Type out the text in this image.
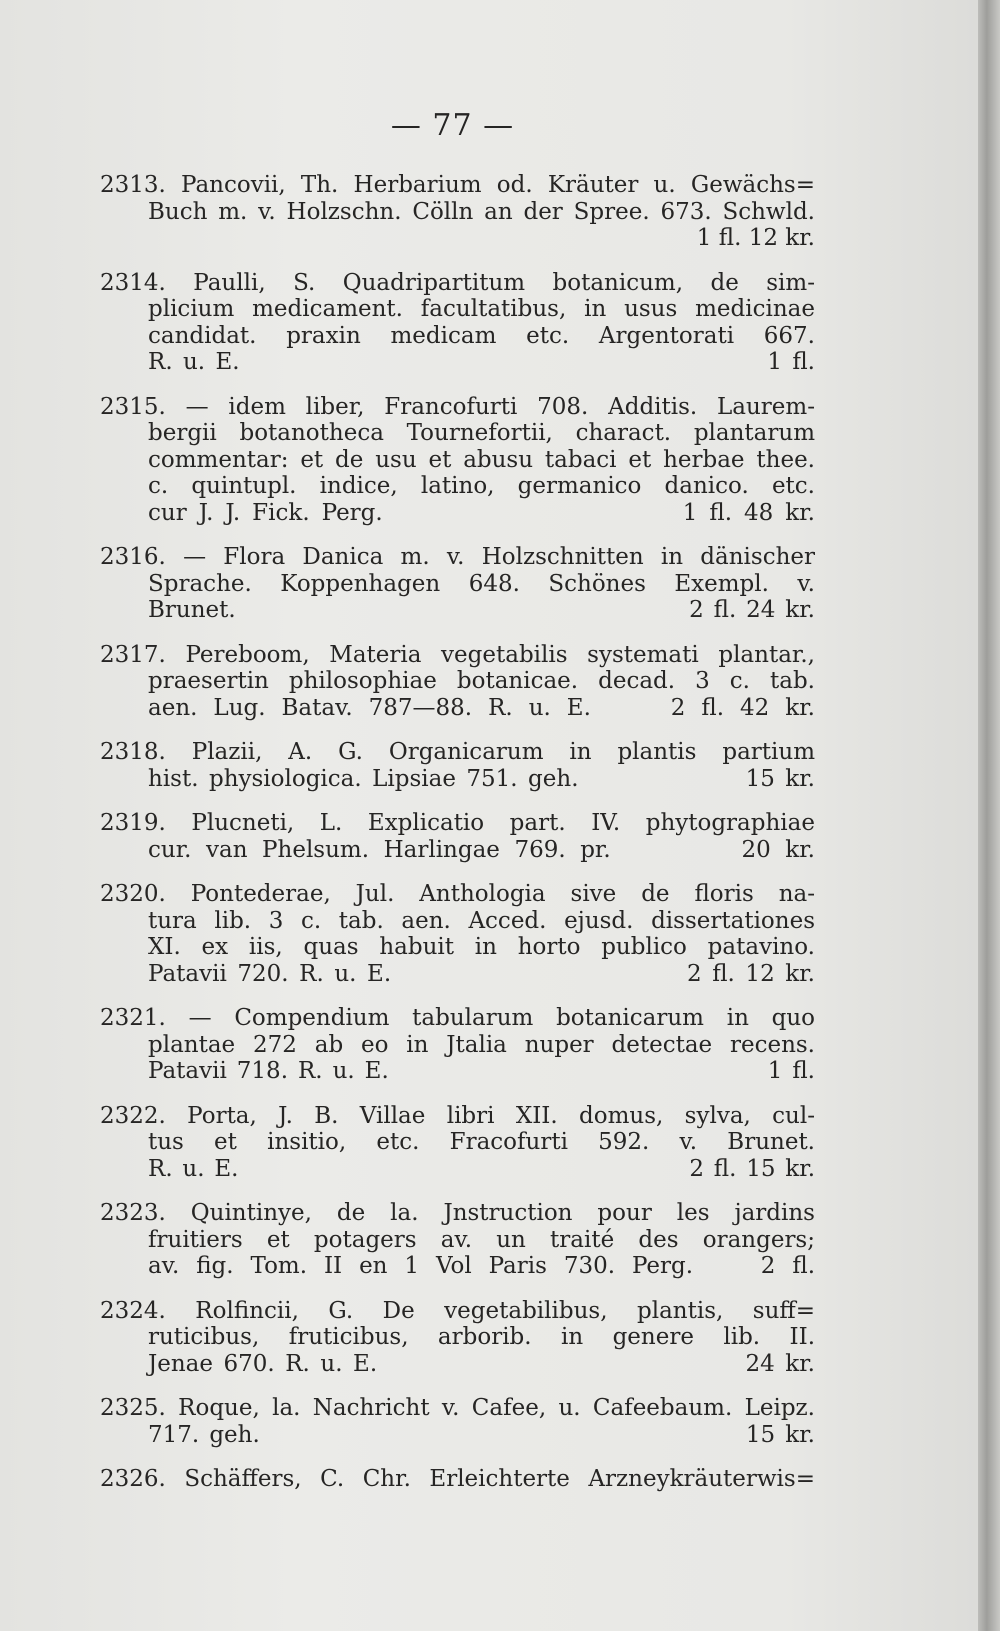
— 77 —
2313. Pancovii, Th. Herbarium od. Kräuter u. Gewächs=
Buch m. v. Holzschn. Cölln an der Spree. 673. Schwld.
1 fl. 12 kr.
2314. Paulli, S. Quadripartitum botanicum, de sim-
plicium medicament. facultatibus, in usus medicinae
candidat. praxin medicam etc. Argentorati 667.
R. u. E.                                                   1 fl.
2315. — idem liber, Francofurti 708. Additis. Laurem-
bergii botanotheca Tournefortii, charact. plantarum
commentar: et de usu et abusu tabaci et herbae thee.
c. quintupl. indice, latino, germanico danico. etc.
cur J. J. Fick. Perg.                         1 fl. 48 kr.
2316. — Flora Danica m. v. Holzschnitten in dänischer
Sprache. Koppenhagen 648. Schönes Exempl. v.
Brunet.                                              2 fl. 24 kr.
2317. Pereboom, Materia vegetabilis systemati plantar.,
praesertin philosophiae botanicae. decad. 3 c. tab.
aen. Lug. Batav. 787—88. R. u. E.     2 fl. 42 kr.
2318. Plazii, A. G. Organicarum in plantis partium
hist. physiologica. Lipsiae 751. geh.                15 kr.
2319. Plucneti, L. Explicatio part. IV. phytographiae
cur. van Phelsum. Harlingae 769. pr.         20 kr.
2320. Pontederae, Jul. Anthologia sive de floris na-
tura lib. 3 c. tab. aen. Acced. ejusd. dissertationes
XI. ex iis, quas habuit in horto publico patavino.
Patavii 720. R. u. E.                            2 fl. 12 kr.
2321. — Compendium tabularum botanicarum in quo
plantae 272 ab eo in Jtalia nuper detectae recens.
Patavii 718. R. u. E.                                      1 fl.
2322. Porta, J. B. Villae libri XII. domus, sylva, cul-
tus et insitio, etc. Fracofurti 592. v. Brunet.
R. u. E.                                              2 fl. 15 kr.
2323. Quintinye, de la. Jnstruction pour les jardins
fruitiers et potagers av. un traité des orangers;
av. fig. Tom. II en 1 Vol Paris 730. Perg.    2 fl.
2324. Rolfincii, G. De vegetabilibus, plantis, suff=
ruticibus, fruticibus, arborib. in genere lib. II.
Jenae 670. R. u. E.                                   24 kr.
2325. Roque, la. Nachricht v. Cafee, u. Cafeebaum. Leipz.
717. geh.                                                15 kr.
2326. Schäffers, C. Chr. Erleichterte Arzneykräuterwis=
